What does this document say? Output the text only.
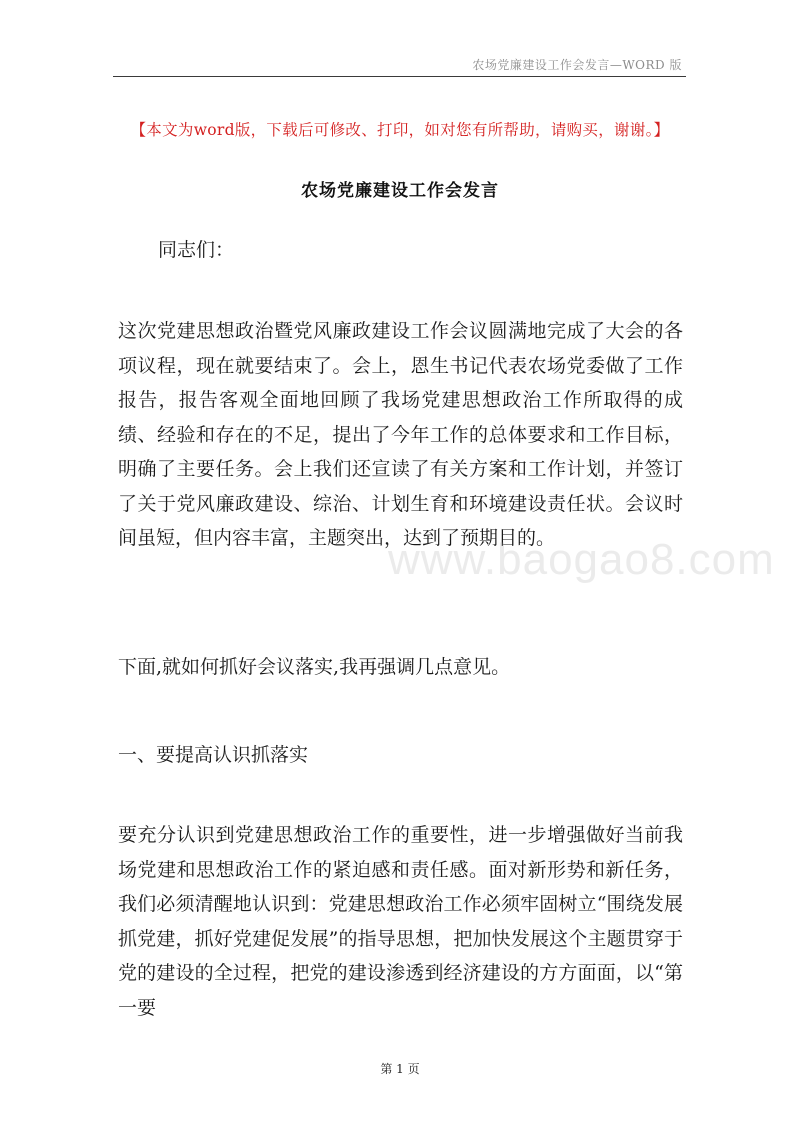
农场党廉建设工作会发言—WORD 版
【本文为word版，下载后可修改、打印，如对您有所帮助，请购买，谢谢。】
农场党廉建设工作会发言

同志们：

这次党建思想政治暨党风廉政建设工作会议圆满地完成了大会的各项议程，现在就要结束了。会上，恩生书记代表农场党委做了工作报告，报告客观全面地回顾了我场党建思想政治工作所取得的成绩、经验和存在的不足，提出了今年工作的总体要求和工作目标，明确了主要任务。会上我们还宣读了有关方案和工作计划，并签订了关于党风廉政建设、综治、计划生育和环境建设责任状。会议时间虽短，但内容丰富，主题突出，达到了预期目的。

下面,就如何抓好会议落实,我再强调几点意见。

一、要提高认识抓落实

要充分认识到党建思想政治工作的重要性，进一步增强做好当前我场党建和思想政治工作的紧迫感和责任感。面对新形势和新任务，我们必须清醒地认识到：党建思想政治工作必须牢固树立“围绕发展抓党建，抓好党建促发展”的指导思想，把加快发展这个主题贯穿于党的建设的全过程，把党的建设渗透到经济建设的方方面面，以“第一要

www.baogao8.com
第 1 页
